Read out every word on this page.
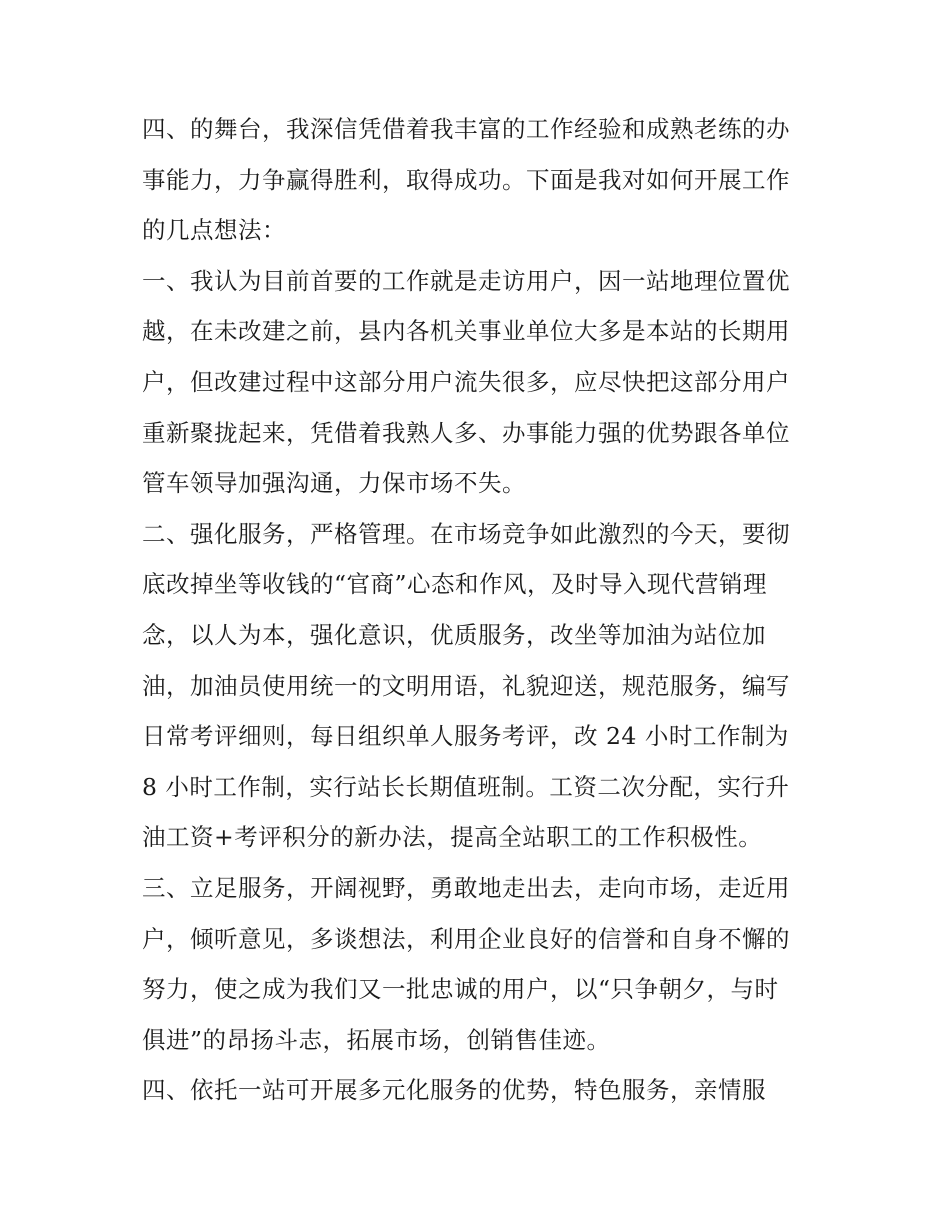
四、的舞台，我深信凭借着我丰富的工作经验和成熟老练的办
事能力，力争赢得胜利，取得成功。下面是我对如何开展工作
的几点想法：
一、我认为目前首要的工作就是走访用户，因一站地理位置优
越，在未改建之前，县内各机关事业单位大多是本站的长期用
户，但改建过程中这部分用户流失很多，应尽快把这部分用户
重新聚拢起来，凭借着我熟人多、办事能力强的优势跟各单位
管车领导加强沟通，力保市场不失。
二、强化服务，严格管理。在市场竞争如此激烈的今天，要彻
底改掉坐等收钱的“官商”心态和作风，及时导入现代营销理
念，以人为本，强化意识，优质服务，改坐等加油为站位加
油，加油员使用统一的文明用语，礼貌迎送，规范服务，编写
日常考评细则，每日组织单人服务考评，改 24 小时工作制为
8 小时工作制，实行站长长期值班制。工资二次分配，实行升
油工资+考评积分的新办法，提高全站职工的工作积极性。
三、立足服务，开阔视野，勇敢地走出去，走向市场，走近用
户，倾听意见，多谈想法，利用企业良好的信誉和自身不懈的
努力，使之成为我们又一批忠诚的用户，以“只争朝夕，与时
俱进”的昂扬斗志，拓展市场，创销售佳迹。
四、依托一站可开展多元化服务的优势，特色服务，亲情服
